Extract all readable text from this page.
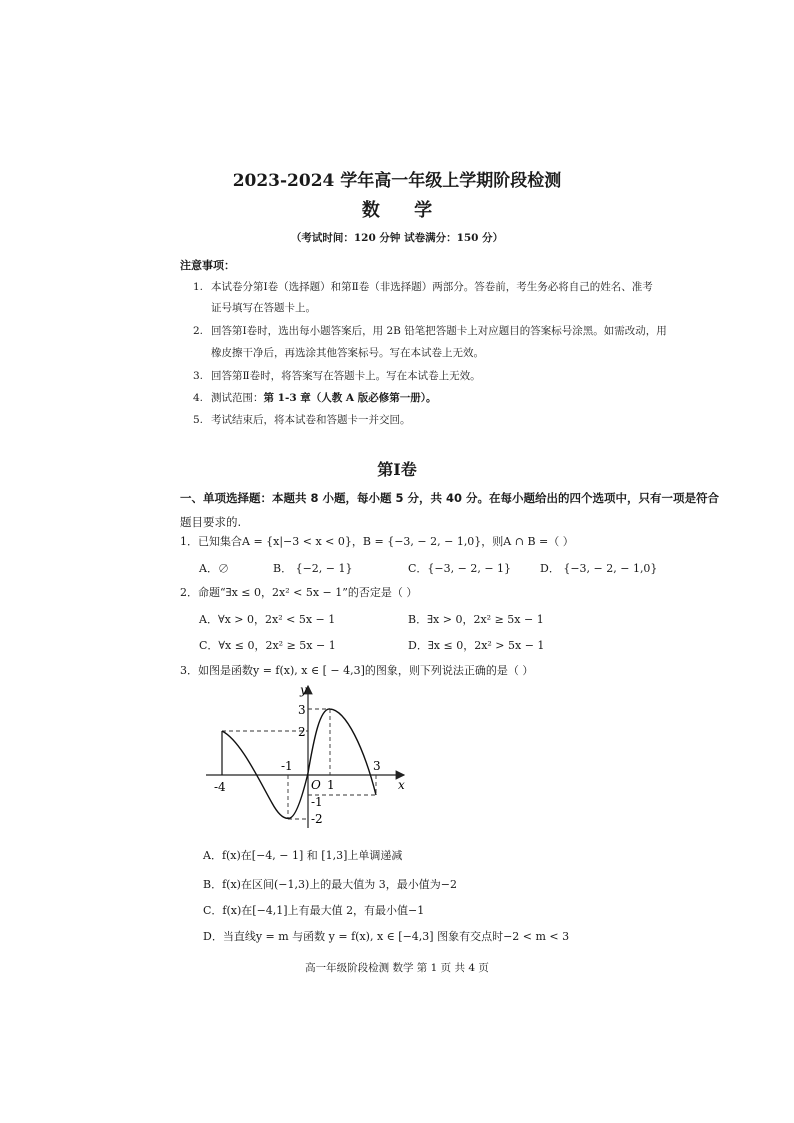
2023-2024 学年高一年级上学期阶段检测
数 学
（考试时间：120 分钟 试卷满分：150 分）
注意事项：
1. 本试卷分第Ⅰ卷（选择题）和第Ⅱ卷（非选择题）两部分。答卷前，考生务必将自己的姓名、准考
证号填写在答题卡上。
2. 回答第Ⅰ卷时，选出每小题答案后，用 2B 铅笔把答题卡上对应题目的答案标号涂黑。如需改动，用
橡皮擦干净后，再选涂其他答案标号。写在本试卷上无效。
3. 回答第Ⅱ卷时，将答案写在答题卡上。写在本试卷上无效。
4. 测试范围：第 1-3 章（人教 A 版必修第一册）。
5. 考试结束后，将本试卷和答题卡一并交回。
第Ⅰ卷
一、单项选择题：本题共 8 小题，每小题 5 分，共 40 分。在每小题给出的四个选项中，只有一项是符合
题目要求的.
1．已知集合A = {x|−3 < x < 0}，B = {−3, − 2, − 1,0}，则A ∩ B =（ ）
A．∅	B． {−2, − 1}	C．{−3, − 2, − 1}	D． {−3, − 2, − 1,0}
2．命题“∃x ≤ 0，2x² < 5x − 1”的否定是（ ）
A．∀x > 0，2x² < 5x − 1	B．∃x > 0，2x² ≥ 5x − 1
C．∀x ≤ 0，2x² ≥ 5x − 1	D．∃x ≤ 0，2x² > 5x − 1
3．如图是函数y = f(x), x ∈ [ − 4,3]的图象，则下列说法正确的是（ ）
y
x
O
-4
-1
1
3
3
2
-1
-2
A．f(x)在[−4, − 1] 和 [1,3]上单调递减
B．f(x)在区间(−1,3)上的最大值为 3，最小值为−2
C．f(x)在[−4,1]上有最大值 2，有最小值−1
D．当直线y = m 与函数 y = f(x), x ∈ [−4,3] 图象有交点时−2 < m < 3
高一年级阶段检测 数学 第 1 页 共 4 页
